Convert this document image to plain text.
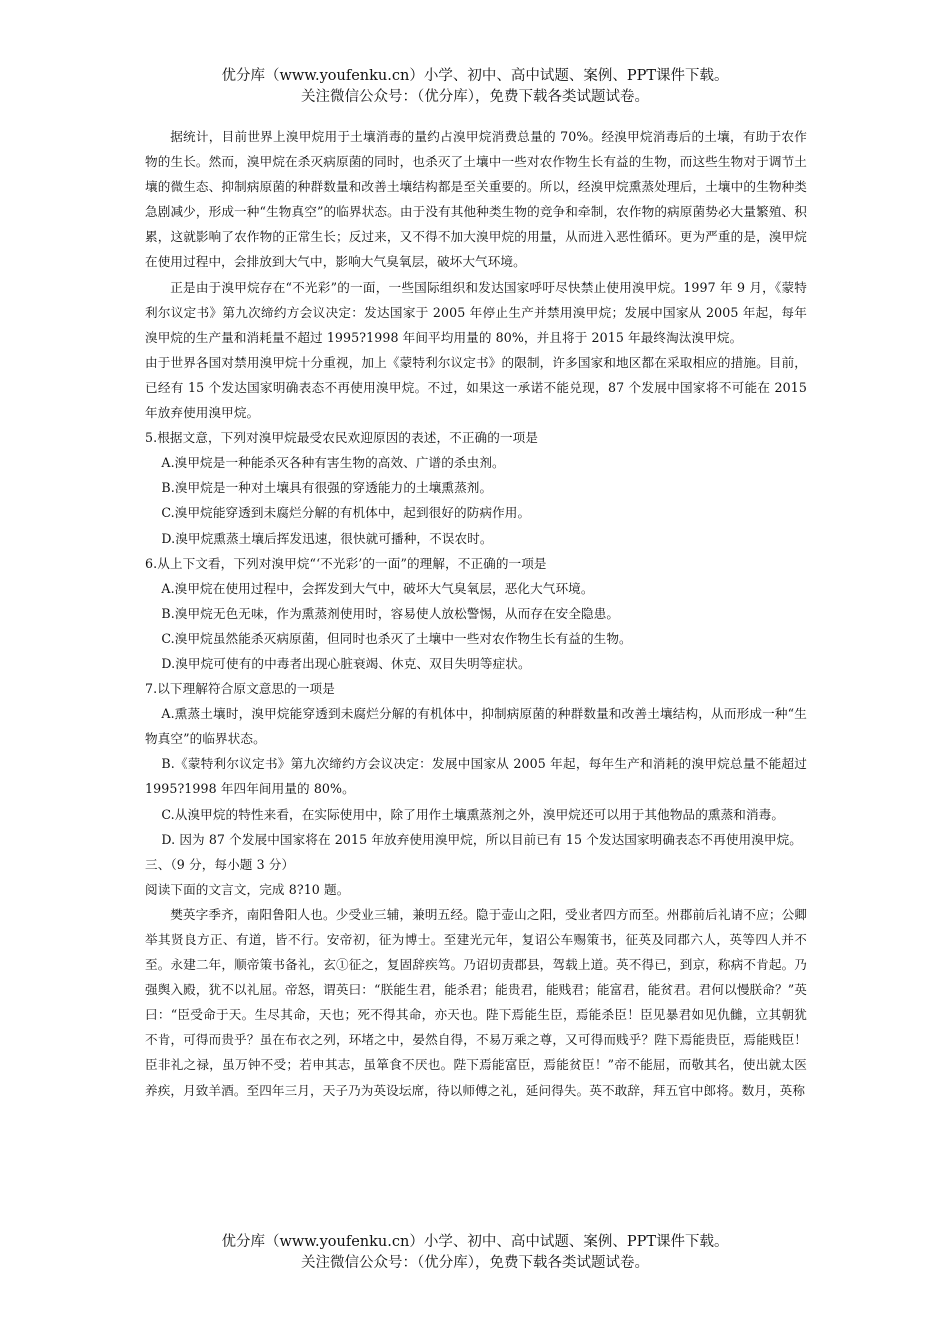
优分库（www.youfenku.cn）小学、初中、高中试题、案例、PPT课件下载。
关注微信公众号：（优分库），免费下载各类试题试卷。

据统计，目前世界上溴甲烷用于土壤消毒的量约占溴甲烷消费总量的 70%。经溴甲烷消毒后的土壤，有助于农作物的生长。然而，溴甲烷在杀灭病原菌的同时，也杀灭了土壤中一些对农作物生长有益的生物，而这些生物对于调节土壤的微生态、抑制病原菌的种群数量和改善土壤结构都是至关重要的。所以，经溴甲烷熏蒸处理后，土壤中的生物种类急剧减少，形成一种“生物真空”的临界状态。由于没有其他种类生物的竞争和牵制，农作物的病原菌势必大量繁殖、积累，这就影响了农作物的正常生长；反过来，又不得不加大溴甲烷的用量，从而进入恶性循环。更为严重的是，溴甲烷在使用过程中，会排放到大气中，影响大气臭氧层，破坏大气环境。

正是由于溴甲烷存在“不光彩”的一面，一些国际组织和发达国家呼吁尽快禁止使用溴甲烷。1997 年 9 月，《蒙特利尔议定书》第九次缔约方会议决定：发达国家于 2005 年停止生产并禁用溴甲烷；发展中国家从 2005 年起，每年溴甲烷的生产量和消耗量不超过 1995?1998 年间平均用量的 80%，并且将于 2015 年最终淘汰溴甲烷。

由于世界各国对禁用溴甲烷十分重视，加上《蒙特利尔议定书》的限制，许多国家和地区都在采取相应的措施。目前，已经有 15 个发达国家明确表态不再使用溴甲烷。不过，如果这一承诺不能兑现，87 个发展中国家将不可能在 2015 年放弃使用溴甲烷。

5.根据文意，下列对溴甲烷最受农民欢迎原因的表述，不正确的一项是

A.溴甲烷是一种能杀灭各种有害生物的高效、广谱的杀虫剂。

B.溴甲烷是一种对土壤具有很强的穿透能力的土壤熏蒸剂。

C.溴甲烷能穿透到未腐烂分解的有机体中，起到很好的防病作用。

D.溴甲烷熏蒸土壤后挥发迅速，很快就可播种，不误农时。

6.从上下文看，下列对溴甲烷“‘不光彩’的一面”的理解，不正确的一项是

A.溴甲烷在使用过程中，会挥发到大气中，破坏大气臭氧层，恶化大气环境。

B.溴甲烷无色无味，作为熏蒸剂使用时，容易使人放松警惕，从而存在安全隐患。

C.溴甲烷虽然能杀灭病原菌，但同时也杀灭了土壤中一些对农作物生长有益的生物。

D.溴甲烷可使有的中毒者出现心脏衰竭、休克、双目失明等症状。

7.以下理解符合原文意思的一项是

A.熏蒸土壤时，溴甲烷能穿透到未腐烂分解的有机体中，抑制病原菌的种群数量和改善土壤结构，从而形成一种“生物真空”的临界状态。

B.《蒙特利尔议定书》第九次缔约方会议决定：发展中国家从 2005 年起，每年生产和消耗的溴甲烷总量不能超过 1995?1998 年四年间用量的 80%。

C.从溴甲烷的特性来看，在实际使用中，除了用作土壤熏蒸剂之外，溴甲烷还可以用于其他物品的熏蒸和消毒。

D. 因为 87 个发展中国家将在 2015 年放弃使用溴甲烷，所以目前已有 15 个发达国家明确表态不再使用溴甲烷。

三、（9 分，每小题 3 分）

阅读下面的文言文，完成 8?10 题。

樊英字季齐，南阳鲁阳人也。少受业三辅，兼明五经。隐于壶山之阳，受业者四方而至。州郡前后礼请不应；公卿举其贤良方正、有道，皆不行。安帝初，征为博士。至建光元年，复诏公车赐策书，征英及同郡六人，英等四人并不至。永建二年，顺帝策书备礼，玄①征之，复固辞疾笃。乃诏切责郡县，驾载上道。英不得已，到京，称病不肯起。乃强舆入殿，犹不以礼屈。帝怒，谓英曰：“朕能生君，能杀君；能贵君，能贱君；能富君，能贫君。君何以慢朕命？”英曰：“臣受命于天。生尽其命，天也；死不得其命，亦天也。陛下焉能生臣，焉能杀臣！臣见暴君如见仇雠，立其朝犹不肯，可得而贵乎？虽在布衣之列，环堵之中，晏然自得，不易万乘之尊，又可得而贱乎？陛下焉能贵臣，焉能贱臣！臣非礼之禄，虽万钟不受；若申其志，虽箪食不厌也。陛下焉能富臣，焉能贫臣！”帝不能屈，而敬其名，使出就太医养疾，月致羊酒。至四年三月，天子乃为英设坛席，待以师傅之礼，延问得失。英不敢辞，拜五官中郎将。数月，英称

优分库（www.youfenku.cn）小学、初中、高中试题、案例、PPT课件下载。
关注微信公众号：（优分库），免费下载各类试题试卷。
